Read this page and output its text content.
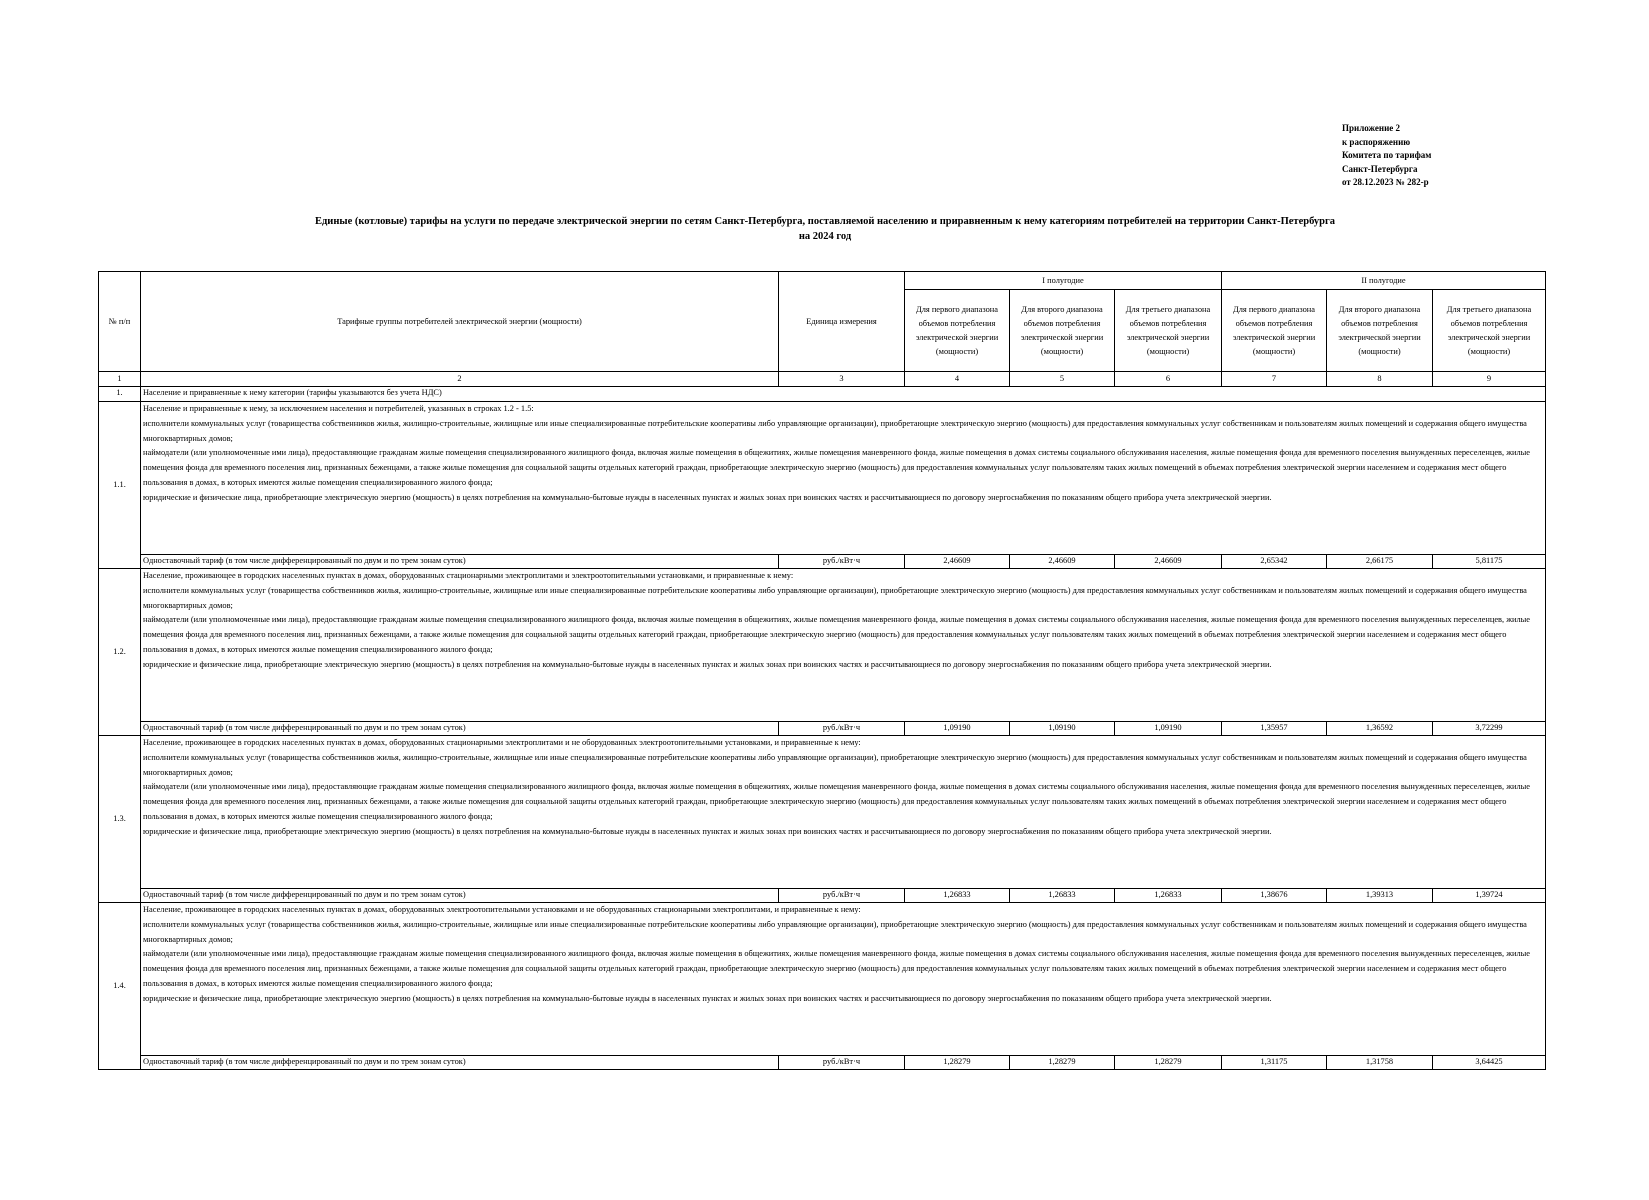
Приложение 2
к распоряжению
Комитета по тарифам
Санкт-Петербурга
от 28.12.2023 № 282-р
Единые (котловые) тарифы на услуги по передаче электрической энергии по сетям Санкт-Петербурга, поставляемой населению и приравненным к нему категориям потребителей на территории Санкт-Петербурга
на 2024 год
№ п/п	Тарифные группы потребителей электрической энергии (мощности)	Единица измерения	I полугодие			II полугодие		
			Для первого диапазона объемов потребления электрической энергии (мощности)	Для второго диапазона объемов потребления электрической энергии (мощности)	Для третьего диапазона объемов потребления электрической энергии (мощности)	Для первого диапазона объемов потребления электрической энергии (мощности)	Для второго диапазона объемов потребления электрической энергии (мощности)	Для третьего диапазона объемов потребления электрической энергии (мощности)
1	2	3	4	5	6	7	8	9
1.	Население и приравненные к нему категории (тарифы указываются без учета НДС)							
1.1.	Население и приравненные к нему, за исключением населения и потребителей, указанных в строках 1.2 - 1.5:

исполнители коммунальных услуг (товарищества собственников жилья, жилищно-строительные, жилищные или иные специализированные потребительские кооперативы либо управляющие организации), приобретающие электрическую энергию (мощность) для предоставления коммунальных услуг собственникам и пользователям жилых помещений и содержания общего имущества многоквартирных домов;

наймодатели (или уполномоченные ими лица), предоставляющие гражданам жилые помещения специализированного жилищного фонда, включая жилые помещения в общежитиях, жилые помещения маневренного фонда, жилые помещения в домах системы социального обслуживания населения, жилые помещения фонда для временного поселения вынужденных переселенцев, жилые помещения фонда для временного поселения лиц, признанных беженцами, а также жилые помещения для социальной защиты отдельных категорий граждан, приобретающие электрическую энергию (мощность) для предоставления коммунальных услуг пользователям таких жилых помещений в объемах потребления электрической энергии населением и содержания мест общего пользования в домах, в которых имеются жилые помещения специализированного жилого фонда;

юридические и физические лица, приобретающие электрическую энергию (мощность) в целях потребления на коммунально-бытовые нужды в населенных пунктах и жилых зонах при воинских частях и рассчитывающиеся по договору энергоснабжения по показаниям общего прибора учета электрической энергии.							

	Одноставочный тариф (в том числе дифференцированный по двум и по трем зонам суток)	руб./кВт·ч	2,46609	2,46609	2,46609	2,65342	2,66175	5,81175
1.2.	Население, проживающее в городских населенных пунктах в домах, оборудованных стационарными электроплитами и электроотопительными установками, и приравненные к нему:

исполнители коммунальных услуг (товарищества собственников жилья, жилищно-строительные, жилищные или иные специализированные потребительские кооперативы либо управляющие организации), приобретающие электрическую энергию (мощность) для предоставления коммунальных услуг собственникам и пользователям жилых помещений и содержания общего имущества многоквартирных домов;

наймодатели (или уполномоченные ими лица), предоставляющие гражданам жилые помещения специализированного жилищного фонда, включая жилые помещения в общежитиях, жилые помещения маневренного фонда, жилые помещения в домах системы социального обслуживания населения, жилые помещения фонда для временного поселения вынужденных переселенцев, жилые помещения фонда для временного поселения лиц, признанных беженцами, а также жилые помещения для социальной защиты отдельных категорий граждан, приобретающие электрическую энергию (мощность) для предоставления коммунальных услуг пользователям таких жилых помещений в объемах потребления электрической энергии населением и содержания мест общего пользования в домах, в которых имеются жилые помещения специализированного жилого фонда;

юридические и физические лица, приобретающие электрическую энергию (мощность) в целях потребления на коммунально-бытовые нужды в населенных пунктах и жилых зонах при воинских частях и рассчитывающиеся по договору энергоснабжения по показаниям общего прибора учета электрической энергии.							

	Одноставочный тариф (в том числе дифференцированный по двум и по трем зонам суток)	руб./кВт·ч	1,09190	1,09190	1,09190	1,35957	1,36592	3,72299
1.3.	Население, проживающее в городских населенных пунктах в домах, оборудованных стационарными электроплитами и не оборудованных электроотопительными установками, и приравненные к нему:

исполнители коммунальных услуг (товарищества собственников жилья, жилищно-строительные, жилищные или иные специализированные потребительские кооперативы либо управляющие организации), приобретающие электрическую энергию (мощность) для предоставления коммунальных услуг собственникам и пользователям жилых помещений и содержания общего имущества многоквартирных домов;

наймодатели (или уполномоченные ими лица), предоставляющие гражданам жилые помещения специализированного жилищного фонда, включая жилые помещения в общежитиях, жилые помещения маневренного фонда, жилые помещения в домах системы социального обслуживания населения, жилые помещения фонда для временного поселения вынужденных переселенцев, жилые помещения фонда для временного поселения лиц, признанных беженцами, а также жилые помещения для социальной защиты отдельных категорий граждан, приобретающие электрическую энергию (мощность) для предоставления коммунальных услуг пользователям таких жилых помещений в объемах потребления электрической энергии населением и содержания мест общего пользования в домах, в которых имеются жилые помещения специализированного жилого фонда;

юридические и физические лица, приобретающие электрическую энергию (мощность) в целях потребления на коммунально-бытовые нужды в населенных пунктах и жилых зонах при воинских частях и рассчитывающиеся по договору энергоснабжения по показаниям общего прибора учета электрической энергии.							

	Одноставочный тариф (в том числе дифференцированный по двум и по трем зонам суток)	руб./кВт·ч	1,26833	1,26833	1,26833	1,38676	1,39313	1,39724
1.4.	Население, проживающее в городских населенных пунктах в домах, оборудованных электроотопительными установками и не оборудованных стационарными электроплитами, и приравненные к нему:

исполнители коммунальных услуг (товарищества собственников жилья, жилищно-строительные, жилищные или иные специализированные потребительские кооперативы либо управляющие организации), приобретающие электрическую энергию (мощность) для предоставления коммунальных услуг собственникам и пользователям жилых помещений и содержания общего имущества многоквартирных домов;

наймодатели (или уполномоченные ими лица), предоставляющие гражданам жилые помещения специализированного жилищного фонда, включая жилые помещения в общежитиях, жилые помещения маневренного фонда, жилые помещения в домах системы социального обслуживания населения, жилые помещения фонда для временного поселения вынужденных переселенцев, жилые помещения фонда для временного поселения лиц, признанных беженцами, а также жилые помещения для социальной защиты отдельных категорий граждан, приобретающие электрическую энергию (мощность) для предоставления коммунальных услуг пользователям таких жилых помещений в объемах потребления электрической энергии населением и содержания мест общего пользования в домах, в которых имеются жилые помещения специализированного жилого фонда;

юридические и физические лица, приобретающие электрическую энергию (мощность) в целях потребления на коммунально-бытовые нужды в населенных пунктах и жилых зонах при воинских частях и рассчитывающиеся по договору энергоснабжения по показаниям общего прибора учета электрической энергии.							

	Одноставочный тариф (в том числе дифференцированный по двум и по трем зонам суток)	руб./кВт·ч	1,28279	1,28279	1,28279	1,31175	1,31758	3,64425
